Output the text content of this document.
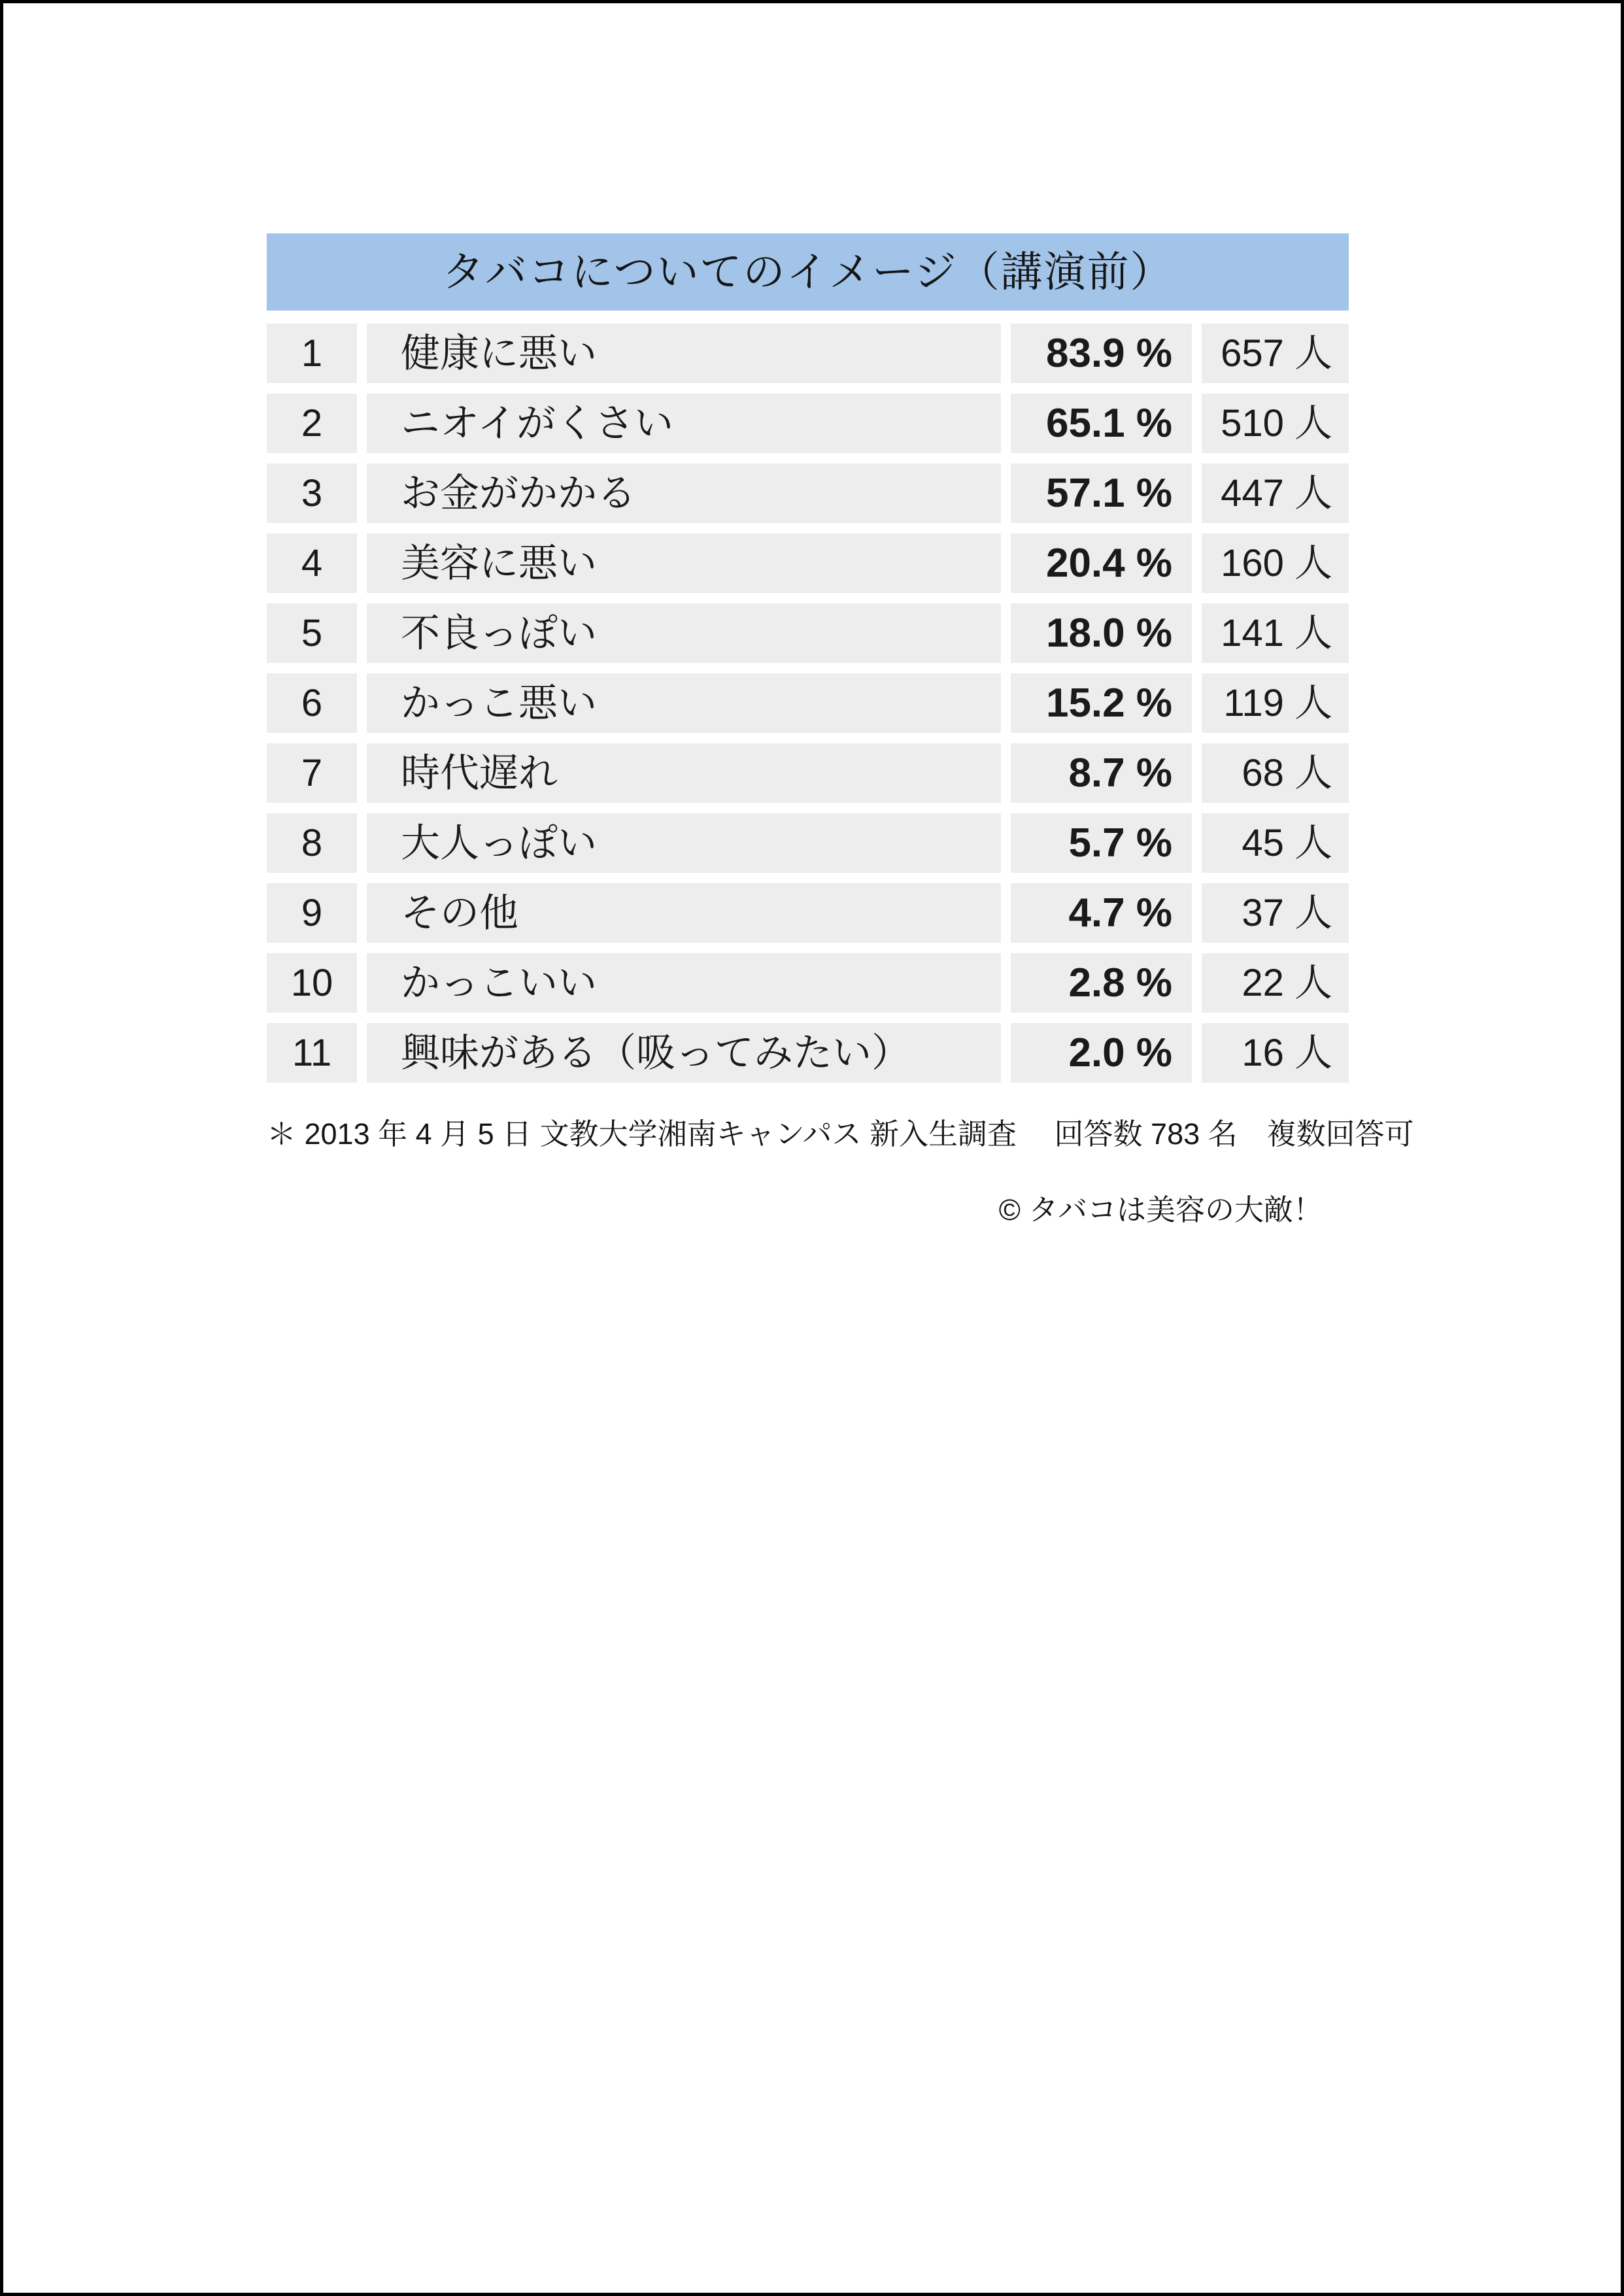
タバコについてのイメージ（講演前）
1	健康に悪い	83.9 %	657 人
2	ニオイがくさい	65.1 %	510 人
3	お金がかかる	57.1 %	447 人
4	美容に悪い	20.4 %	160 人
5	不良っぽい	18.0 %	141 人
6	かっこ悪い	15.2 %	119 人
7	時代遅れ	8.7 %	68 人
8	大人っぽい	5.7 %	45 人
9	その他	4.7 %	37 人
10	かっこいい	2.8 %	22 人
11	興味がある（吸ってみたい）	2.0 %	16 人
＊ 2013 年 4 月 5 日 文教大学湘南キャンパス 新入生調査　 回答数 783 名　複数回答可
© タバコは美容の大敵！
